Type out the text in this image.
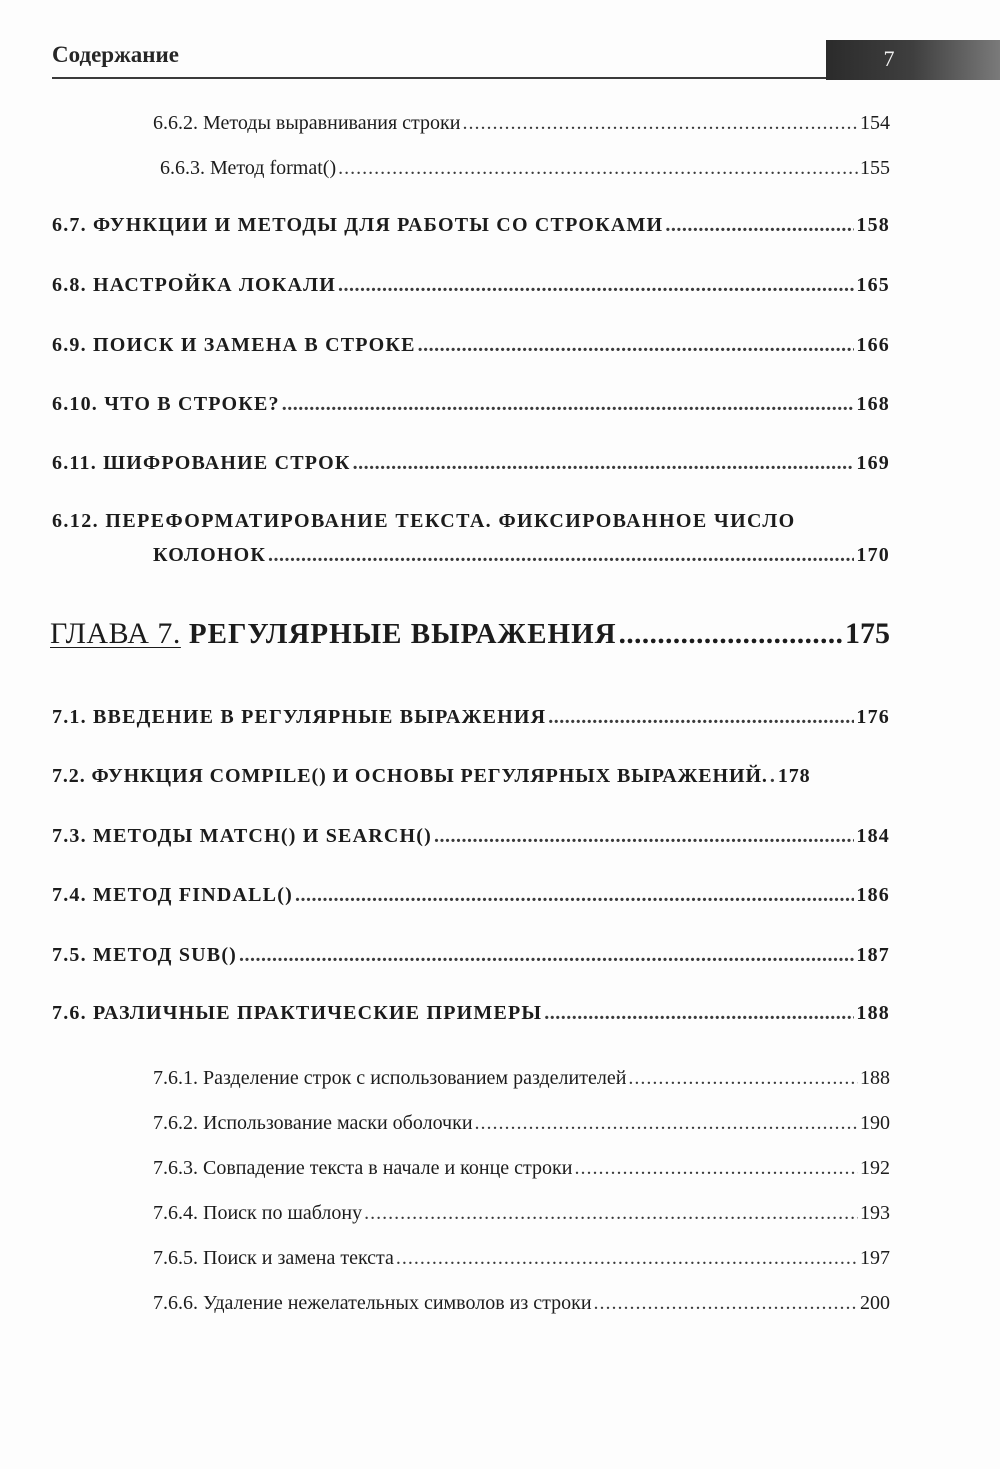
Содержание	7
6.6.2. Методы выравнивания строки .....	154
6.6.3. Метод format() .....	155
6.7. ФУНКЦИИ И МЕТОДЫ ДЛЯ РАБОТЫ СО СТРОКАМИ .....	158
6.8. НАСТРОЙКА ЛОКАЛИ .....	165
6.9. ПОИСК И ЗАМЕНА В СТРОКЕ .....	166
6.10. ЧТО В СТРОКЕ? .....	168
6.11. ШИФРОВАНИЕ СТРОК .....	169
6.12. ПЕРЕФОРМАТИРОВАНИЕ ТЕКСТА. ФИКСИРОВАННОЕ ЧИСЛО
КОЛОНОК .....	170
ГЛАВА 7. РЕГУЛЯРНЫЕ ВЫРАЖЕНИЯ .....	175
7.1. ВВЕДЕНИЕ В РЕГУЛЯРНЫЕ ВЫРАЖЕНИЯ .....	176
7.2. ФУНКЦИЯ COMPILE() И ОСНОВЫ РЕГУЛЯРНЫХ ВЫРАЖЕНИЙ. ..... 178
7.3. МЕТОДЫ MATCH() И SEARCH() .....	184
7.4. МЕТОД FINDALL() .....	186
7.5. МЕТОД SUB() .....	187
7.6. РАЗЛИЧНЫЕ ПРАКТИЧЕСКИЕ ПРИМЕРЫ .....	188
7.6.1. Разделение строк с использованием разделителей .....	188
7.6.2. Использование маски оболочки .....	190
7.6.3. Совпадение текста в начале и конце строки .....	192
7.6.4. Поиск по шаблону .....	193
7.6.5. Поиск и замена текста .....	197
7.6.6. Удаление нежелательных символов из строки .....	200
